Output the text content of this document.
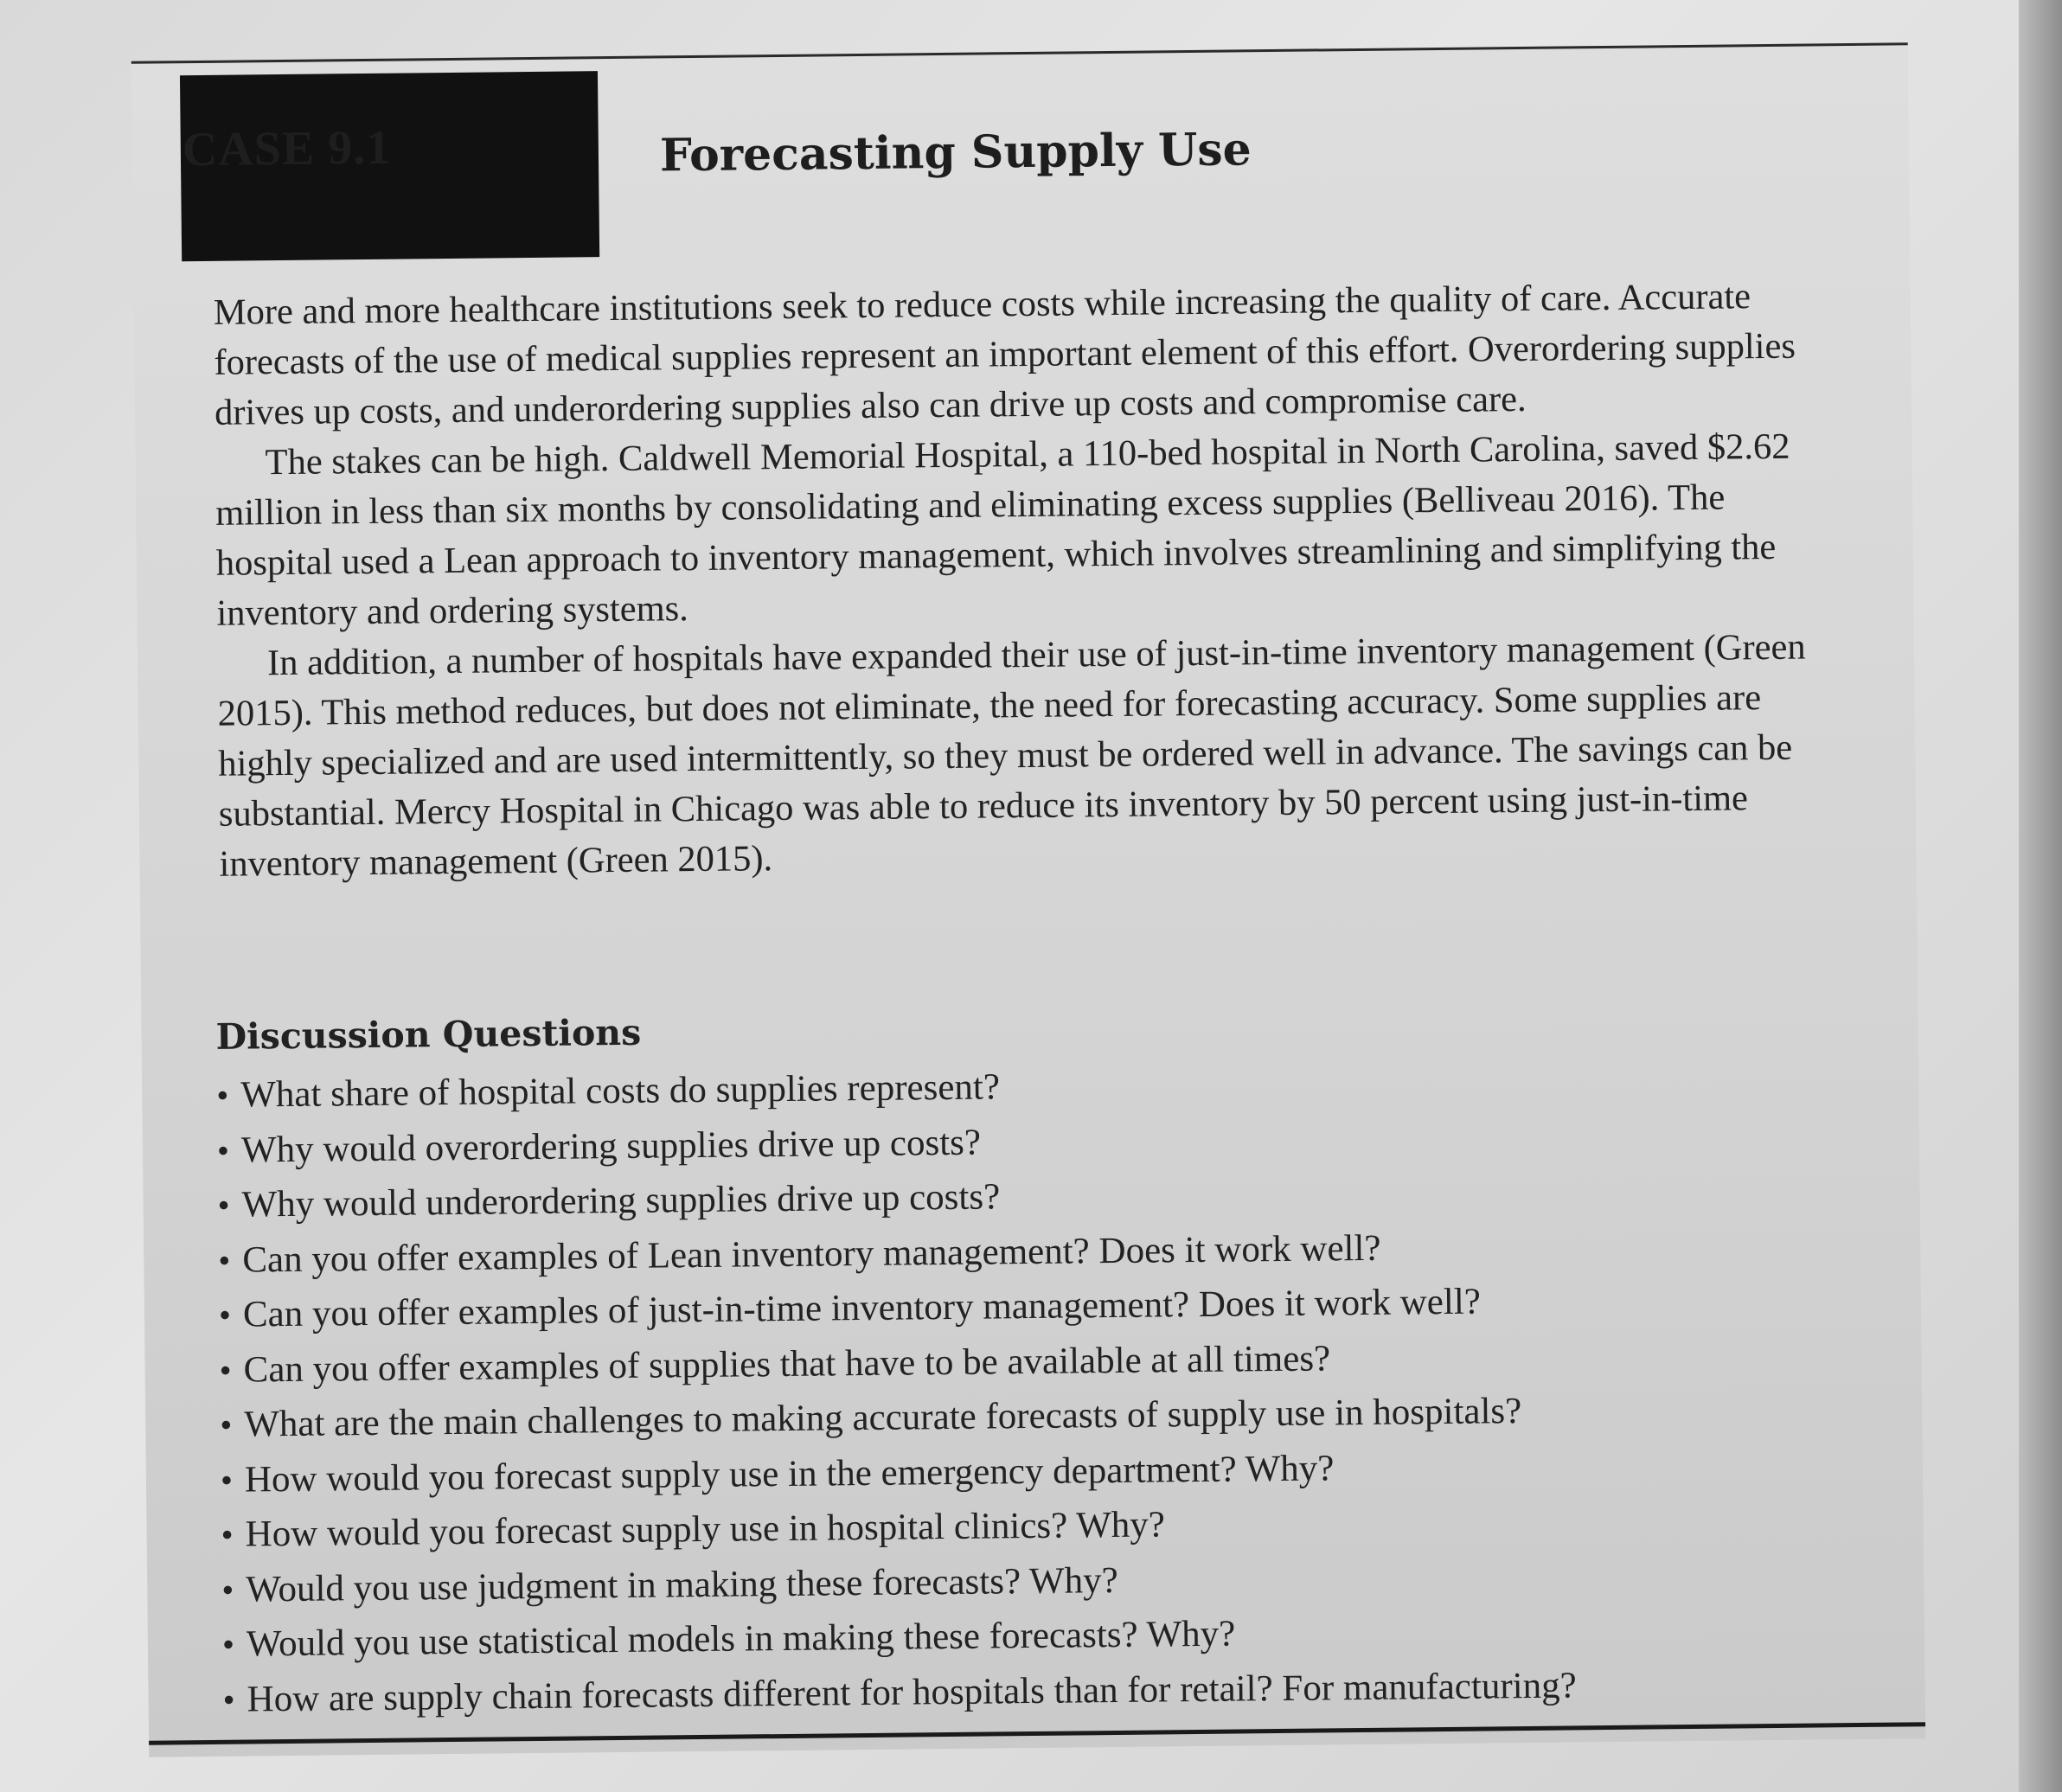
CASE 9.1	Forecasting Supply Use

More and more healthcare institutions seek to reduce costs while increasing the quality of care. Accurate forecasts of the use of medical supplies represent an important element of this effort. Overordering supplies drives up costs, and underordering supplies also can drive up costs and compromise care.

The stakes can be high. Caldwell Memorial Hospital, a 110-bed hospital in North Carolina, saved $2.62 million in less than six months by consolidating and eliminating excess supplies (Belliveau 2016). The hospital used a Lean approach to inventory management, which involves streamlining and simplifying the inventory and ordering systems.

In addition, a number of hospitals have expanded their use of just-in-time inventory management (Green 2015). This method reduces, but does not eliminate, the need for forecasting accuracy. Some supplies are highly specialized and are used intermittently, so they must be ordered well in advance. The savings can be substantial. Mercy Hospital in Chicago was able to reduce its inventory by 50 percent using just-in-time inventory management (Green 2015).

Discussion Questions
• What share of hospital costs do supplies represent?
• Why would overordering supplies drive up costs?
• Why would underordering supplies drive up costs?
• Can you offer examples of Lean inventory management? Does it work well?
• Can you offer examples of just-in-time inventory management? Does it work well?
• Can you offer examples of supplies that have to be available at all times?
• What are the main challenges to making accurate forecasts of supply use in hospitals?
• How would you forecast supply use in the emergency department? Why?
• How would you forecast supply use in hospital clinics? Why?
• Would you use judgment in making these forecasts? Why?
• Would you use statistical models in making these forecasts? Why?
• How are supply chain forecasts different for hospitals than for retail? For manufacturing?
